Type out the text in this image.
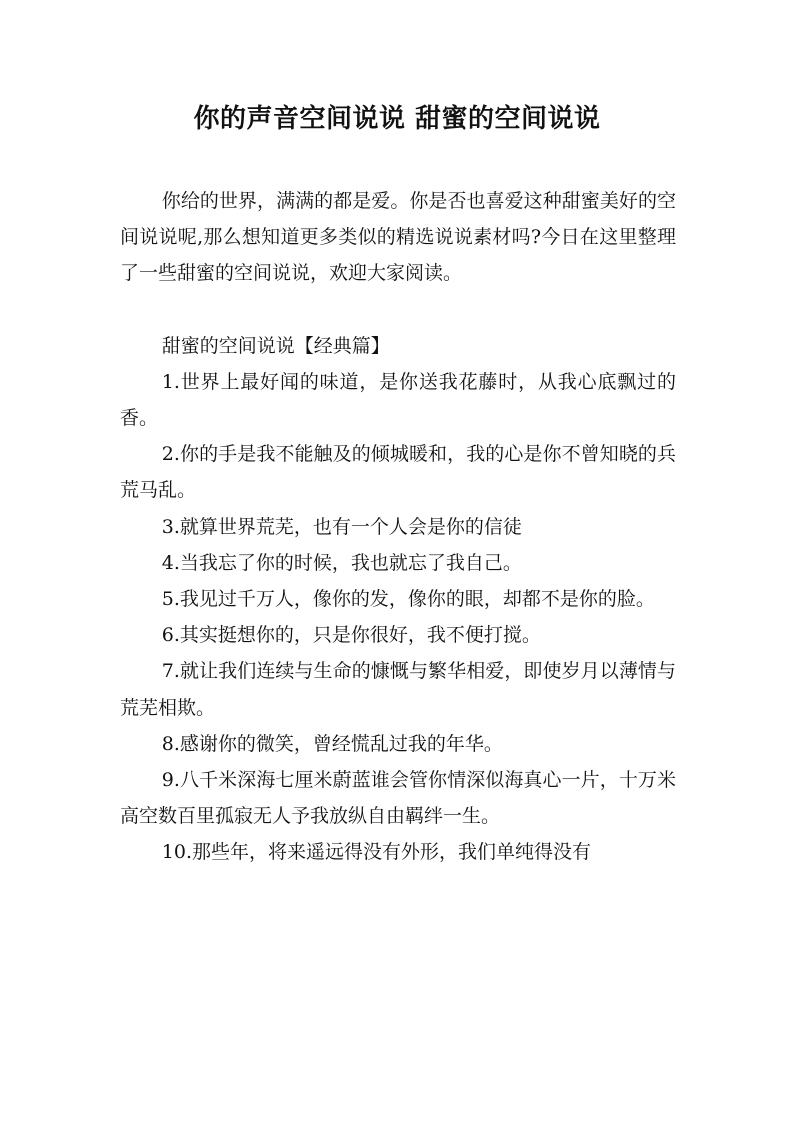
你的声音空间说说 甜蜜的空间说说

你给的世界，满满的都是爱。你是否也喜爱这种甜蜜美好的空间说说呢,那么想知道更多类似的精选说说素材吗?今日在这里整理了一些甜蜜的空间说说，欢迎大家阅读。

甜蜜的空间说说【经典篇】

1.世界上最好闻的味道，是你送我花藤时，从我心底飘过的香。

2.你的手是我不能触及的倾城暖和，我的心是你不曾知晓的兵荒马乱。

3.就算世界荒芜，也有一个人会是你的信徒

4.当我忘了你的时候，我也就忘了我自己。

5.我见过千万人，像你的发，像你的眼，却都不是你的脸。

6.其实挺想你的，只是你很好，我不便打搅。

7.就让我们连续与生命的慷慨与繁华相爱，即使岁月以薄情与荒芜相欺。

8.感谢你的微笑，曾经慌乱过我的年华。

9.八千米深海七厘米蔚蓝谁会管你情深似海真心一片，十万米高空数百里孤寂无人予我放纵自由羁绊一生。

10.那些年，将来遥远得没有外形，我们单纯得没有
